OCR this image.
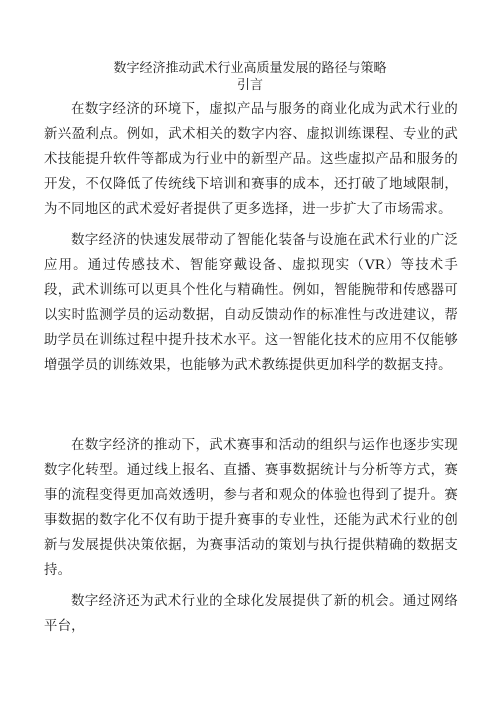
数字经济推动武术行业高质量发展的路径与策略
引言

在数字经济的环境下，虚拟产品与服务的商业化成为武术行业的新兴盈利点。例如，武术相关的数字内容、虚拟训练课程、专业的武术技能提升软件等都成为行业中的新型产品。这些虚拟产品和服务的开发，不仅降低了传统线下培训和赛事的成本，还打破了地域限制，为不同地区的武术爱好者提供了更多选择，进一步扩大了市场需求。

数字经济的快速发展带动了智能化装备与设施在武术行业的广泛应用。通过传感技术、智能穿戴设备、虚拟现实（VR）等技术手段，武术训练可以更具个性化与精确性。例如，智能腕带和传感器可以实时监测学员的运动数据，自动反馈动作的标准性与改进建议，帮助学员在训练过程中提升技术水平。这一智能化技术的应用不仅能够增强学员的训练效果，也能够为武术教练提供更加科学的数据支持。

在数字经济的推动下，武术赛事和活动的组织与运作也逐步实现数字化转型。通过线上报名、直播、赛事数据统计与分析等方式，赛事的流程变得更加高效透明，参与者和观众的体验也得到了提升。赛事数据的数字化不仅有助于提升赛事的专业性，还能为武术行业的创新与发展提供决策依据，为赛事活动的策划与执行提供精确的数据支持。

数字经济还为武术行业的全球化发展提供了新的机会。通过网络平台，
